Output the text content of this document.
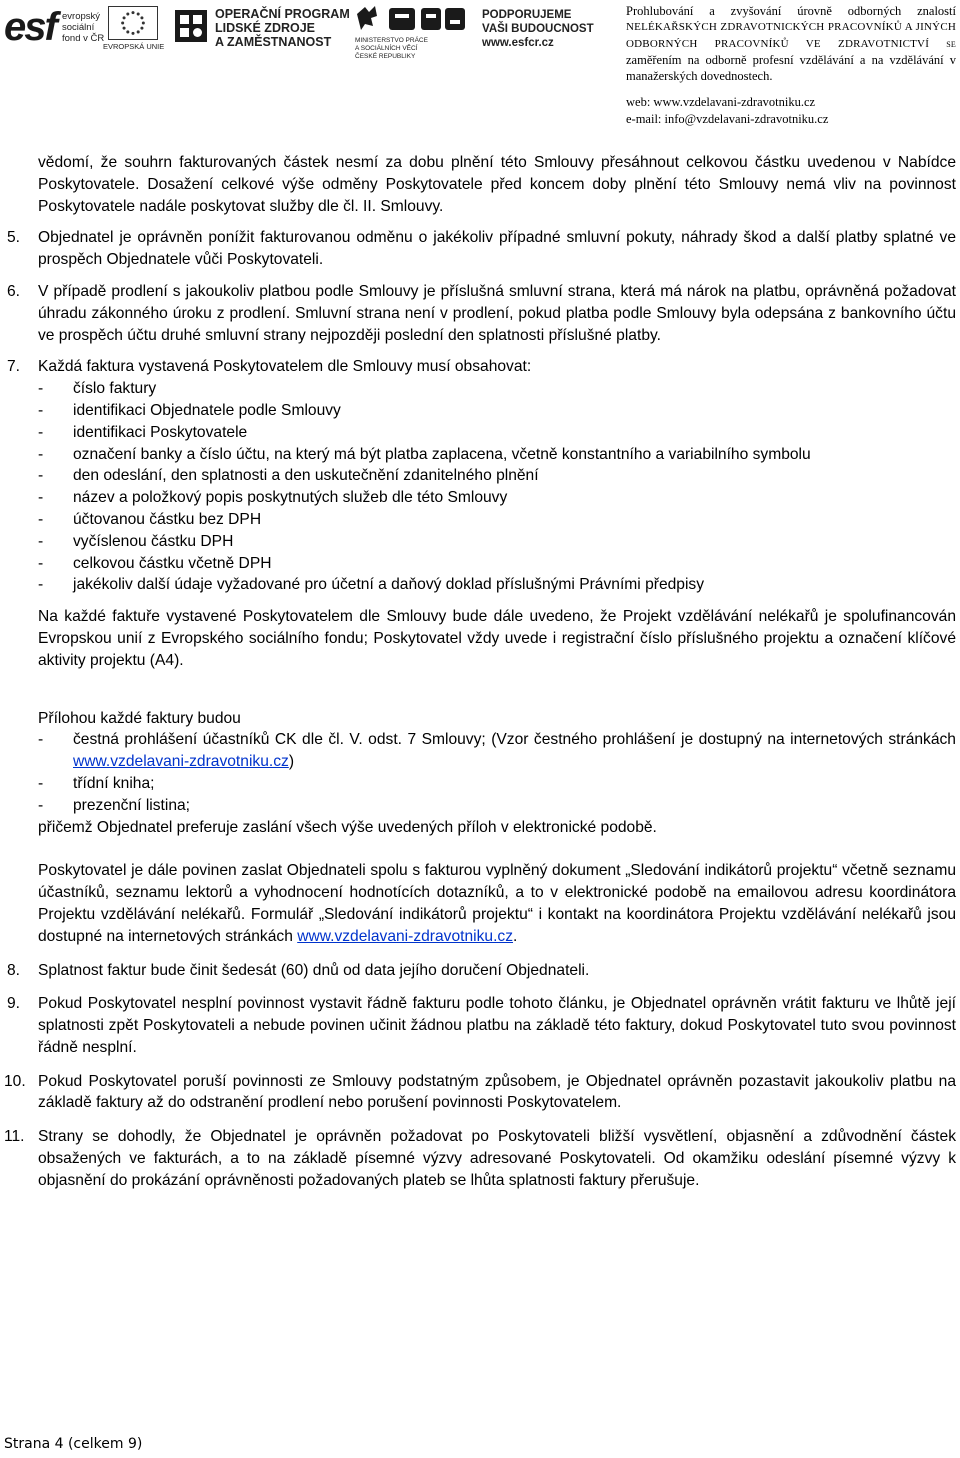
esf evropský
sociální
fond v ČR
EVROPSKÁ UNIE
OPERAČNÍ PROGRAM
LIDSKÉ ZDROJE
A ZAMĚSTNANOST	MINISTERSTVO PRÁCE
A SOCIÁLNÍCH VĚCÍ
ČESKÉ REPUBLIKY
PODPORUJEME
VAŠI BUDOUCNOST
www.esfcr.cz
Prohlubování a zvyšování úrovně odborných znalostí
NELÉKAŘSKÝCH ZDRAVOTNICKÝCH PRACOVNÍKŮ A JINÝCH
ODBORNÝCH PRACOVNÍKŮ VE ZDRAVOTNICTVÍ se
zaměřením na odborně profesní vzdělávání a na vzdělávání v
manažerských dovednostech.
web: www.vzdelavani-zdravotniku.cz
e-mail: info@vzdelavani-zdravotniku.cz
vědomí, že souhrn fakturovaných částek nesmí za dobu plnění této Smlouvy přesáhnout celkovou částku uvedenou v Nabídce Poskytovatele. Dosažení celkové výše odměny Poskytovatele před koncem doby plnění této Smlouvy nemá vliv na povinnost Poskytovatele nadále poskytovat služby dle čl. II. Smlouvy.
5. Objednatel je oprávněn ponížit fakturovanou odměnu o jakékoliv případné smluvní pokuty, náhrady škod a další platby splatné ve prospěch Objednatele vůči Poskytovateli.
6. V případě prodlení s jakoukoliv platbou podle Smlouvy je příslušná smluvní strana, která má nárok na platbu, oprávněná požadovat úhradu zákonného úroku z prodlení. Smluvní strana není v prodlení, pokud platba podle Smlouvy byla odepsána z bankovního účtu ve prospěch účtu druhé smluvní strany nejpozději poslední den splatnosti příslušné platby.
7. Každá faktura vystavená Poskytovatelem dle Smlouvy musí obsahovat:
- číslo faktury
- identifikaci Objednatele podle Smlouvy
- identifikaci Poskytovatele
- označení banky a číslo účtu, na který má být platba zaplacena, včetně konstantního a variabilního symbolu
- den odeslání, den splatnosti a den uskutečnění zdanitelného plnění
- název a položkový popis poskytnutých služeb dle této Smlouvy
- účtovanou částku bez DPH
- vyčíslenou částku DPH
- celkovou částku včetně DPH
- jakékoliv další údaje vyžadované pro účetní a daňový doklad příslušnými Právními předpisy
Na každé faktuře vystavené Poskytovatelem dle Smlouvy bude dále uvedeno, že Projekt vzdělávání nelékařů je spolufinancován Evropskou unií z Evropského sociálního fondu; Poskytovatel vždy uvede i registrační číslo příslušného projektu a označení klíčové aktivity projektu (A4).
Přílohou každé faktury budou
- čestná prohlášení účastníků CK dle čl. V. odst. 7 Smlouvy; (Vzor čestného prohlášení je dostupný na internetových stránkách www.vzdelavani-zdravotniku.cz)
- třídní kniha;
- prezenční listina;
přičemž Objednatel preferuje zaslání všech výše uvedených příloh v elektronické podobě.
Poskytovatel je dále povinen zaslat Objednateli spolu s fakturou vyplněný dokument „Sledování indikátorů projektu“ včetně seznamu účastníků, seznamu lektorů a vyhodnocení hodnotících dotazníků, a to v elektronické podobě na emailovou adresu koordinátora Projektu vzdělávání nelékařů. Formulář „Sledování indikátorů projektu“ i kontakt na koordinátora Projektu vzdělávání nelékařů jsou dostupné na internetových stránkách www.vzdelavani-zdravotniku.cz.
8. Splatnost faktur bude činit šedesát (60) dnů od data jejího doručení Objednateli.
9. Pokud Poskytovatel nesplní povinnost vystavit řádně fakturu podle tohoto článku, je Objednatel oprávněn vrátit fakturu ve lhůtě její splatnosti zpět Poskytovateli a nebude povinen učinit žádnou platbu na základě této faktury, dokud Poskytovatel tuto svou povinnost řádně nesplní.
10. Pokud Poskytovatel poruší povinnosti ze Smlouvy podstatným způsobem, je Objednatel oprávněn pozastavit jakoukoliv platbu na základě faktury až do odstranění prodlení nebo porušení povinnosti Poskytovatelem.
11. Strany se dohodly, že Objednatel je oprávněn požadovat po Poskytovateli bližší vysvětlení, objasnění a zdůvodnění částek obsažených ve fakturách, a to na základě písemné výzvy adresované Poskytovateli. Od okamžiku odeslání písemné výzvy k objasnění do prokázání oprávněnosti požadovaných plateb se lhůta splatnosti faktury přerušuje.
Strana 4 (celkem 9)
